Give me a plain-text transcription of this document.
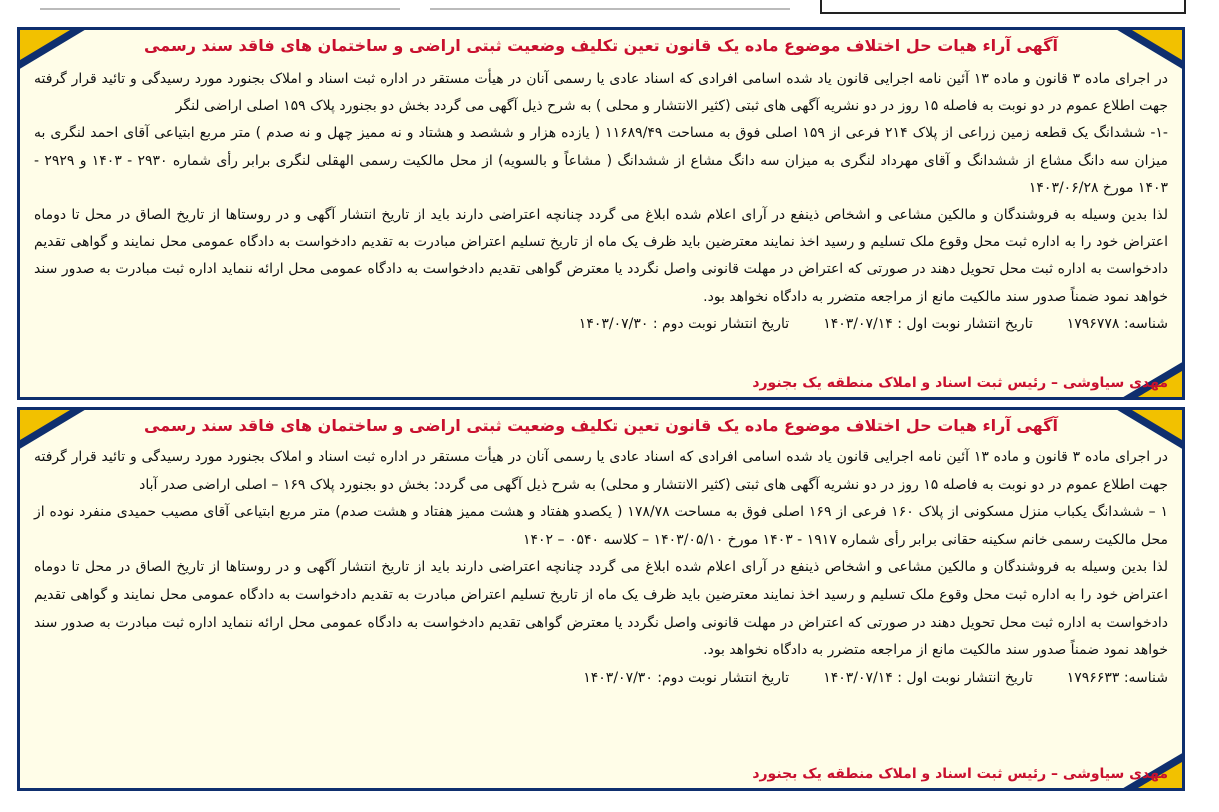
آگهی آراء هیات حل اختلاف موضوع ماده یک قانون تعین تکلیف وضعیت ثبتی اراضی و ساختمان های فاقد سند رسمی

در اجرای ماده ۳ قانون و ماده ۱۳ آئین نامه اجرایی قانون یاد شده اسامی افرادی که اسناد عادی یا رسمی آنان در هیأت مستقر در اداره ثبت اسناد و املاک بجنورد مورد رسیدگی و تائید قرار گرفته جهت اطلاع عموم در دو نوبت به فاصله ۱۵ روز در دو نشریه آگهی های ثبتی (کثیر الانتشار و محلی ) به شرح ذیل آگهی می گردد بخش دو بجنورد پلاک ۱۵۹ اصلی اراضی لنگر

-۱- ششدانگ یک قطعه زمین زراعی از پلاک ۲۱۴ فرعی از ۱۵۹ اصلی فوق به مساحت ۱۱۶۸۹/۴۹ ( یازده هزار و ششصد و هشتاد و نه ممیز چهل و نه صدم ) متر مربع ابتیاعی آقای احمد لنگری به میزان سه دانگ مشاع از ششدانگ و آقای مهرداد لنگری به میزان سه دانگ مشاع از ششدانگ ( مشاعاً و بالسویه) از محل مالکیت رسمی الهقلی لنگری برابر رأی شماره ۲۹۳۰ - ۱۴۰۳ و ۲۹۲۹ - ۱۴۰۳ مورخ ۱۴۰۳/۰۶/۲۸

لذا بدین وسیله به فروشندگان و مالکین مشاعی و اشخاص ذینفع در آرای اعلام شده ابلاغ می گردد چنانچه اعتراضی دارند باید از تاریخ انتشار آگهی و در روستاها از تاریخ الصاق در محل تا دوماه اعتراض خود را به اداره ثبت محل وقوع ملک تسلیم و رسید اخذ نمایند معترضین باید ظرف یک ماه از تاریخ تسلیم اعتراض مبادرت به تقدیم دادخواست به دادگاه عمومی محل نمایند و گواهی تقدیم دادخواست به اداره ثبت محل تحویل دهند در صورتی که اعتراض در مهلت قانونی واصل نگردد یا معترض گواهی تقدیم دادخواست به دادگاه عمومی محل ارائه ننماید اداره ثبت مبادرت به صدور سند خواهد نمود ضمناً صدور سند مالکیت مانع از مراجعه متضرر به دادگاه نخواهد بود.

شناسه: ۱۷۹۶۷۷۸
تاریخ انتشار نوبت اول : ۱۴۰۳/۰۷/۱۴
تاریخ انتشار نوبت دوم : ۱۴۰۳/۰۷/۳۰
مهدی سیاوشی – رئیس ثبت اسناد و املاک منطقه یک بجنورد
آگهی آراء هیات حل اختلاف موضوع ماده یک قانون تعین تکلیف وضعیت ثبتی اراضی و ساختمان های فاقد سند رسمی

در اجرای ماده ۳ قانون و ماده ۱۳ آئین نامه اجرایی قانون یاد شده اسامی افرادی که اسناد عادی یا رسمی آنان در هیأت مستقر در اداره ثبت اسناد و املاک بجنورد مورد رسیدگی و تائید قرار گرفته جهت اطلاع عموم در دو نوبت به فاصله ۱۵ روز در دو نشریه آگهی های ثبتی (کثیر الانتشار و محلی) به شرح ذیل آگهی می گردد: بخش دو بجنورد پلاک ۱۶۹ – اصلی اراضی صدر آباد

۱ – ششدانگ یکباب منزل مسکونی از پلاک ۱۶۰ فرعی از ۱۶۹ اصلی فوق به مساحت ۱۷۸/۷۸ ( یکصدو هفتاد و هشت ممیز هفتاد و هشت صدم) متر مربع ابتیاعی آقای مصیب حمیدی منفرد نوده از محل مالکیت رسمی خانم سکینه حقانی برابر رأی شماره ۱۹۱۷ - ۱۴۰۳ مورخ ۱۴۰۳/۰۵/۱۰ – کلاسه ۰۵۴۰ – ۱۴۰۲

لذا بدین وسیله به فروشندگان و مالکین مشاعی و اشخاص ذینفع در آرای اعلام شده ابلاغ می گردد چنانچه اعتراضی دارند باید از تاریخ انتشار آگهی و در روستاها از تاریخ الصاق در محل تا دوماه اعتراض خود را به اداره ثبت محل وقوع ملک تسلیم و رسید اخذ نمایند معترضین باید ظرف یک ماه از تاریخ تسلیم اعتراض مبادرت به تقدیم دادخواست به دادگاه عمومی محل نمایند و گواهی تقدیم دادخواست به اداره ثبت محل تحویل دهند در صورتی که اعتراض در مهلت قانونی واصل نگردد یا معترض گواهی تقدیم دادخواست به دادگاه عمومی محل ارائه ننماید اداره ثبت مبادرت به صدور سند خواهد نمود ضمناً صدور سند مالکیت مانع از مراجعه متضرر به دادگاه نخواهد بود.

شناسه: ۱۷۹۶۶۳۳
تاریخ انتشار نوبت اول : ۱۴۰۳/۰۷/۱۴
تاریخ انتشار نوبت دوم: ۱۴۰۳/۰۷/۳۰
مهدی سیاوشی – رئیس ثبت اسناد و املاک منطقه یک بجنورد
